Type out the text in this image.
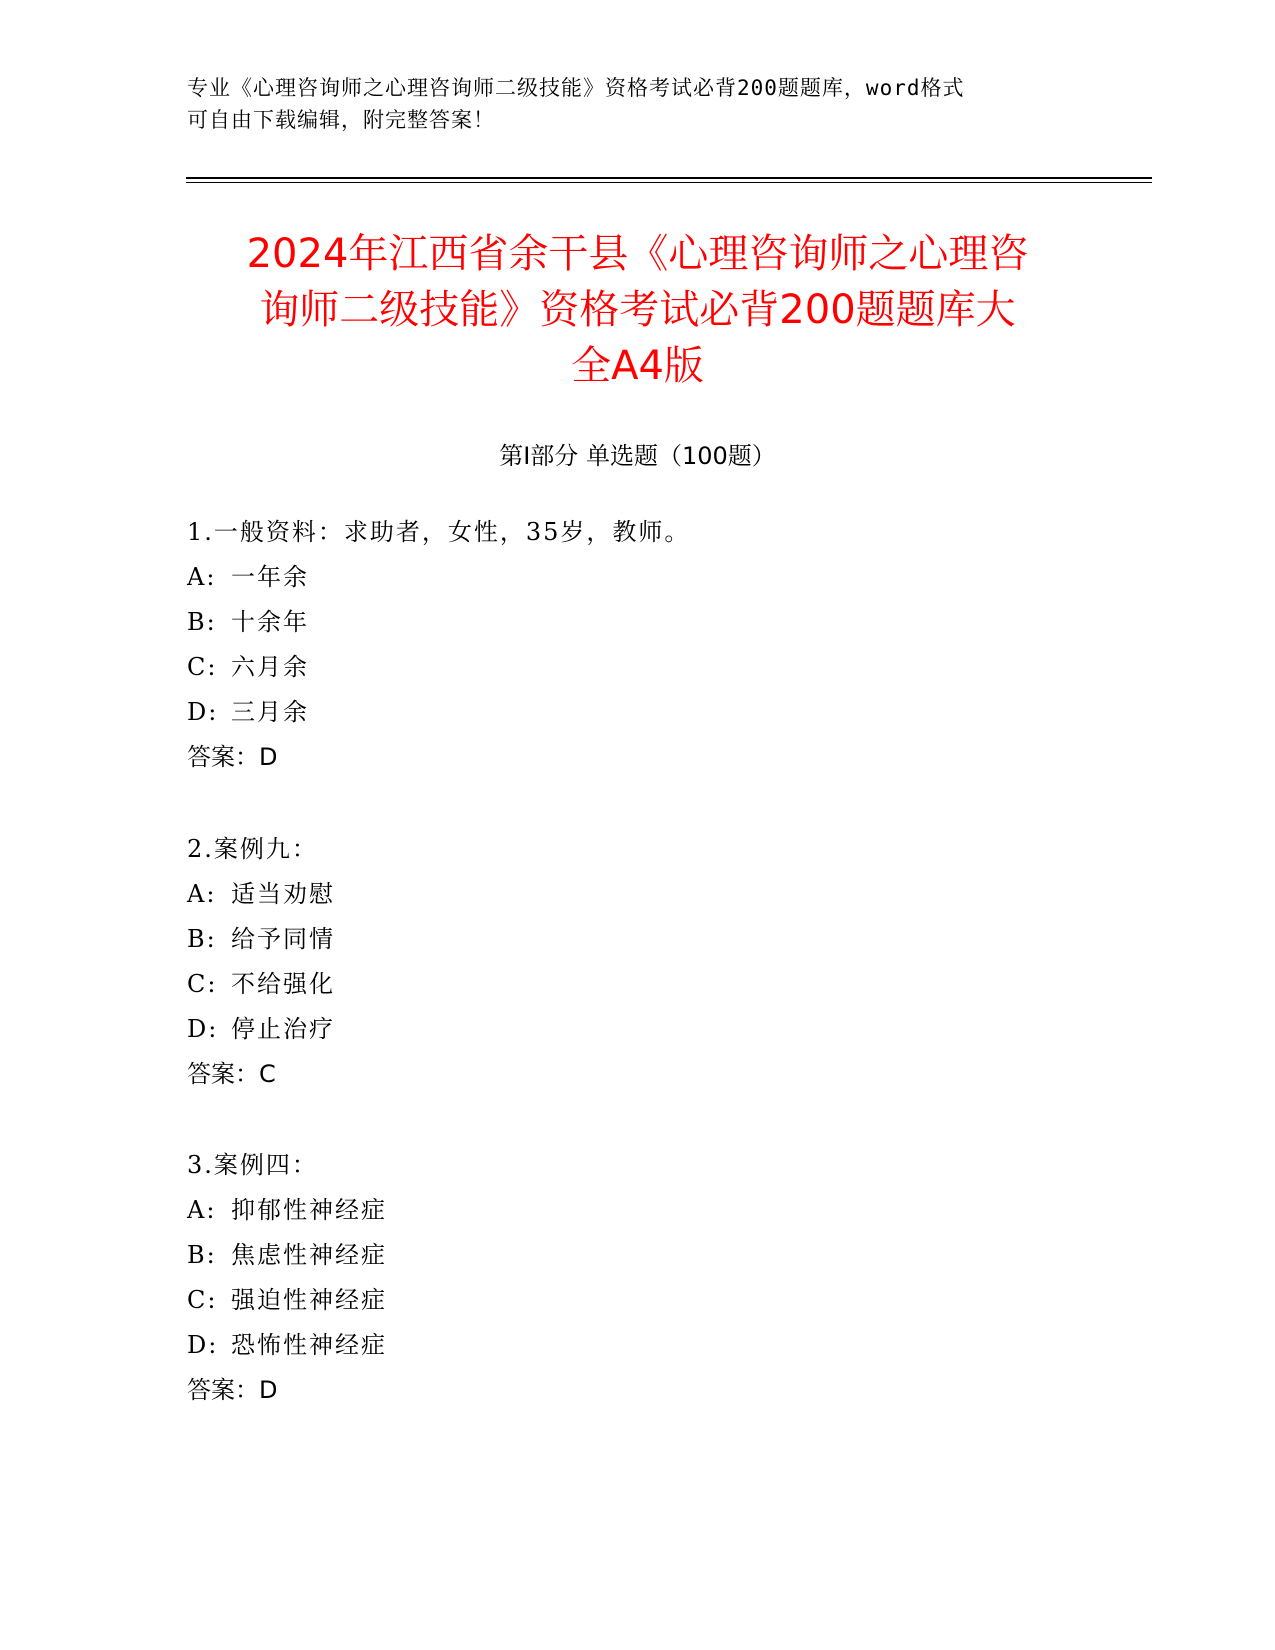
专业《心理咨询师之心理咨询师二级技能》资格考试必背200题题库，word格式
可自由下载编辑，附完整答案！
2024年江西省余干县《心理咨询师之心理咨
询师二级技能》资格考试必背200题题库大
全A4版
第Ⅰ部分 单选题（100题）
1.一般资料：求助者，女性，35岁，教师。
A: 一年余
B: 十余年
C: 六月余
D: 三月余
答案：D
2.案例九：
A: 适当劝慰
B: 给予同情
C: 不给强化
D: 停止治疗
答案：C
3.案例四：
A: 抑郁性神经症
B: 焦虑性神经症
C: 强迫性神经症
D: 恐怖性神经症
答案：D
